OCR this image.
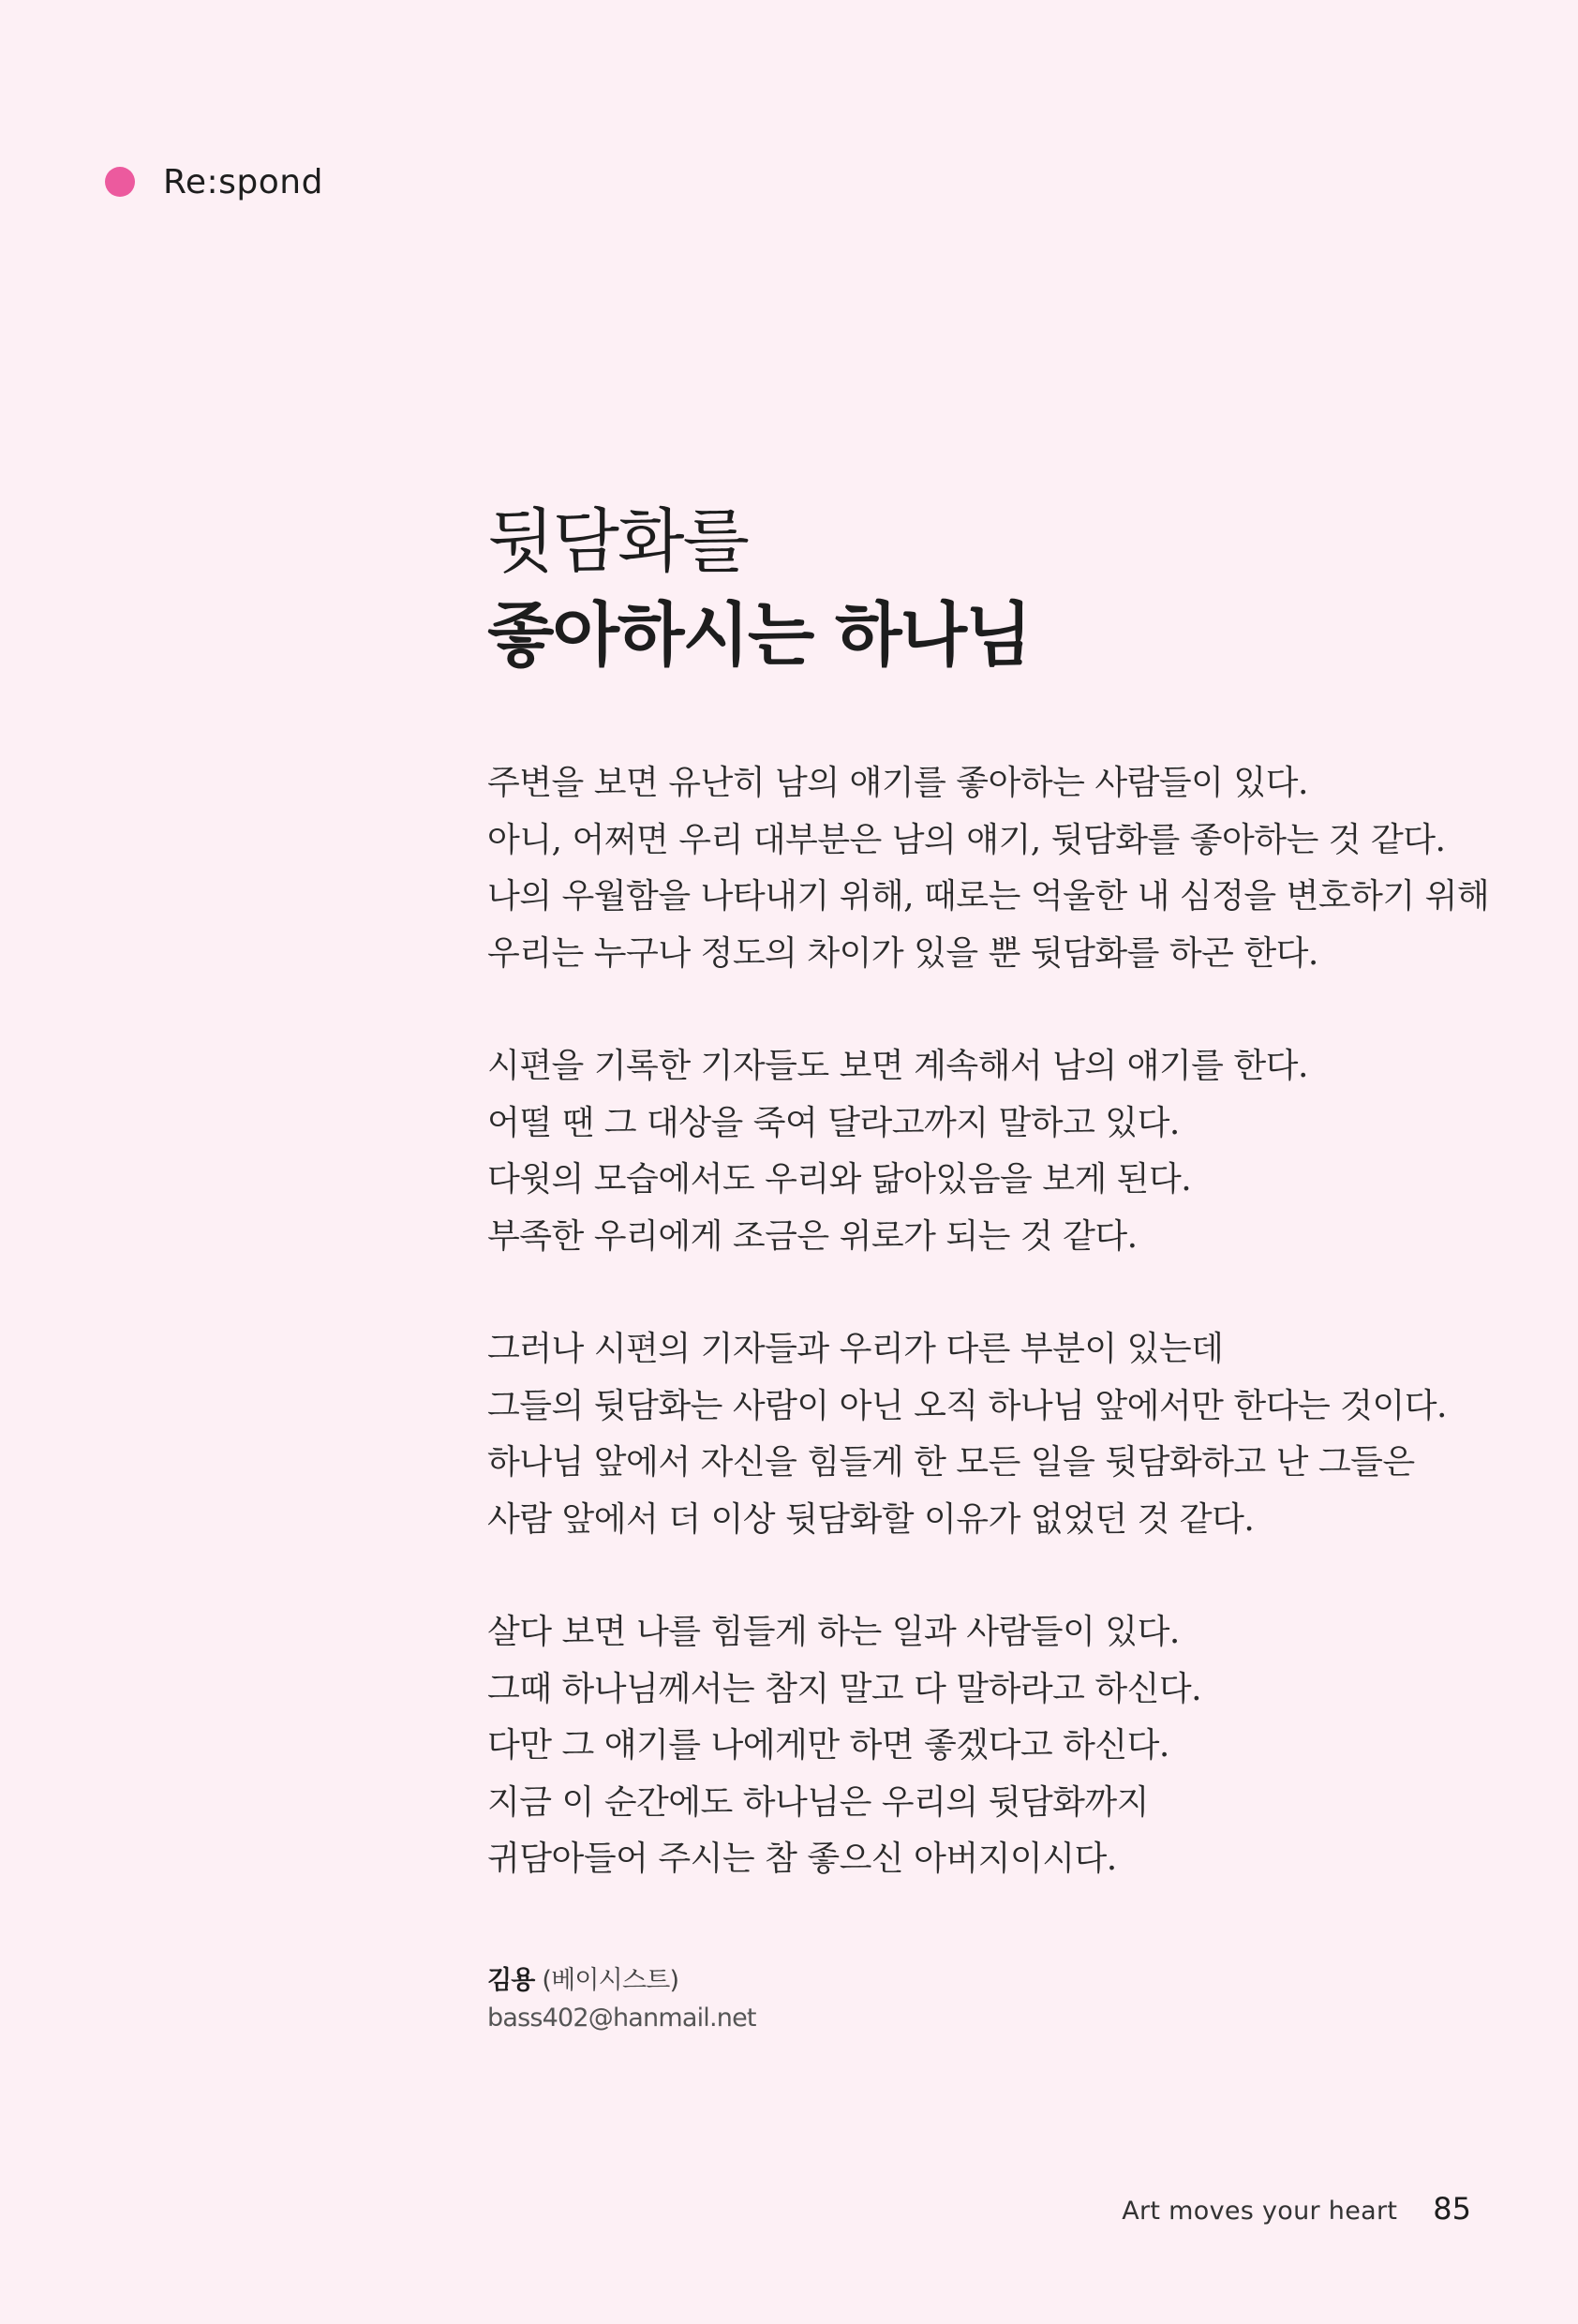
Re:spond
뒷담화를
좋아하시는 하나님
주변을 보면 유난히 남의 얘기를 좋아하는 사람들이 있다.
아니, 어쩌면 우리 대부분은 남의 얘기, 뒷담화를 좋아하는 것 같다.
나의 우월함을 나타내기 위해, 때로는 억울한 내 심정을 변호하기 위해
우리는 누구나 정도의 차이가 있을 뿐 뒷담화를 하곤 한다.
시편을 기록한 기자들도 보면 계속해서 남의 얘기를 한다.
어떨 땐 그 대상을 죽여 달라고까지 말하고 있다.
다윗의 모습에서도 우리와 닮아있음을 보게 된다.
부족한 우리에게 조금은 위로가 되는 것 같다.
그러나 시편의 기자들과 우리가 다른 부분이 있는데
그들의 뒷담화는 사람이 아닌 오직 하나님 앞에서만 한다는 것이다.
하나님 앞에서 자신을 힘들게 한 모든 일을 뒷담화하고 난 그들은
사람 앞에서 더 이상 뒷담화할 이유가 없었던 것 같다.
살다 보면 나를 힘들게 하는 일과 사람들이 있다.
그때 하나님께서는 참지 말고 다 말하라고 하신다.
다만 그 얘기를 나에게만 하면 좋겠다고 하신다.
지금 이 순간에도 하나님은 우리의 뒷담화까지
귀담아들어 주시는 참 좋으신 아버지이시다.
김용 (베이시스트)
bass402@hanmail.net
Art moves your heart 85
